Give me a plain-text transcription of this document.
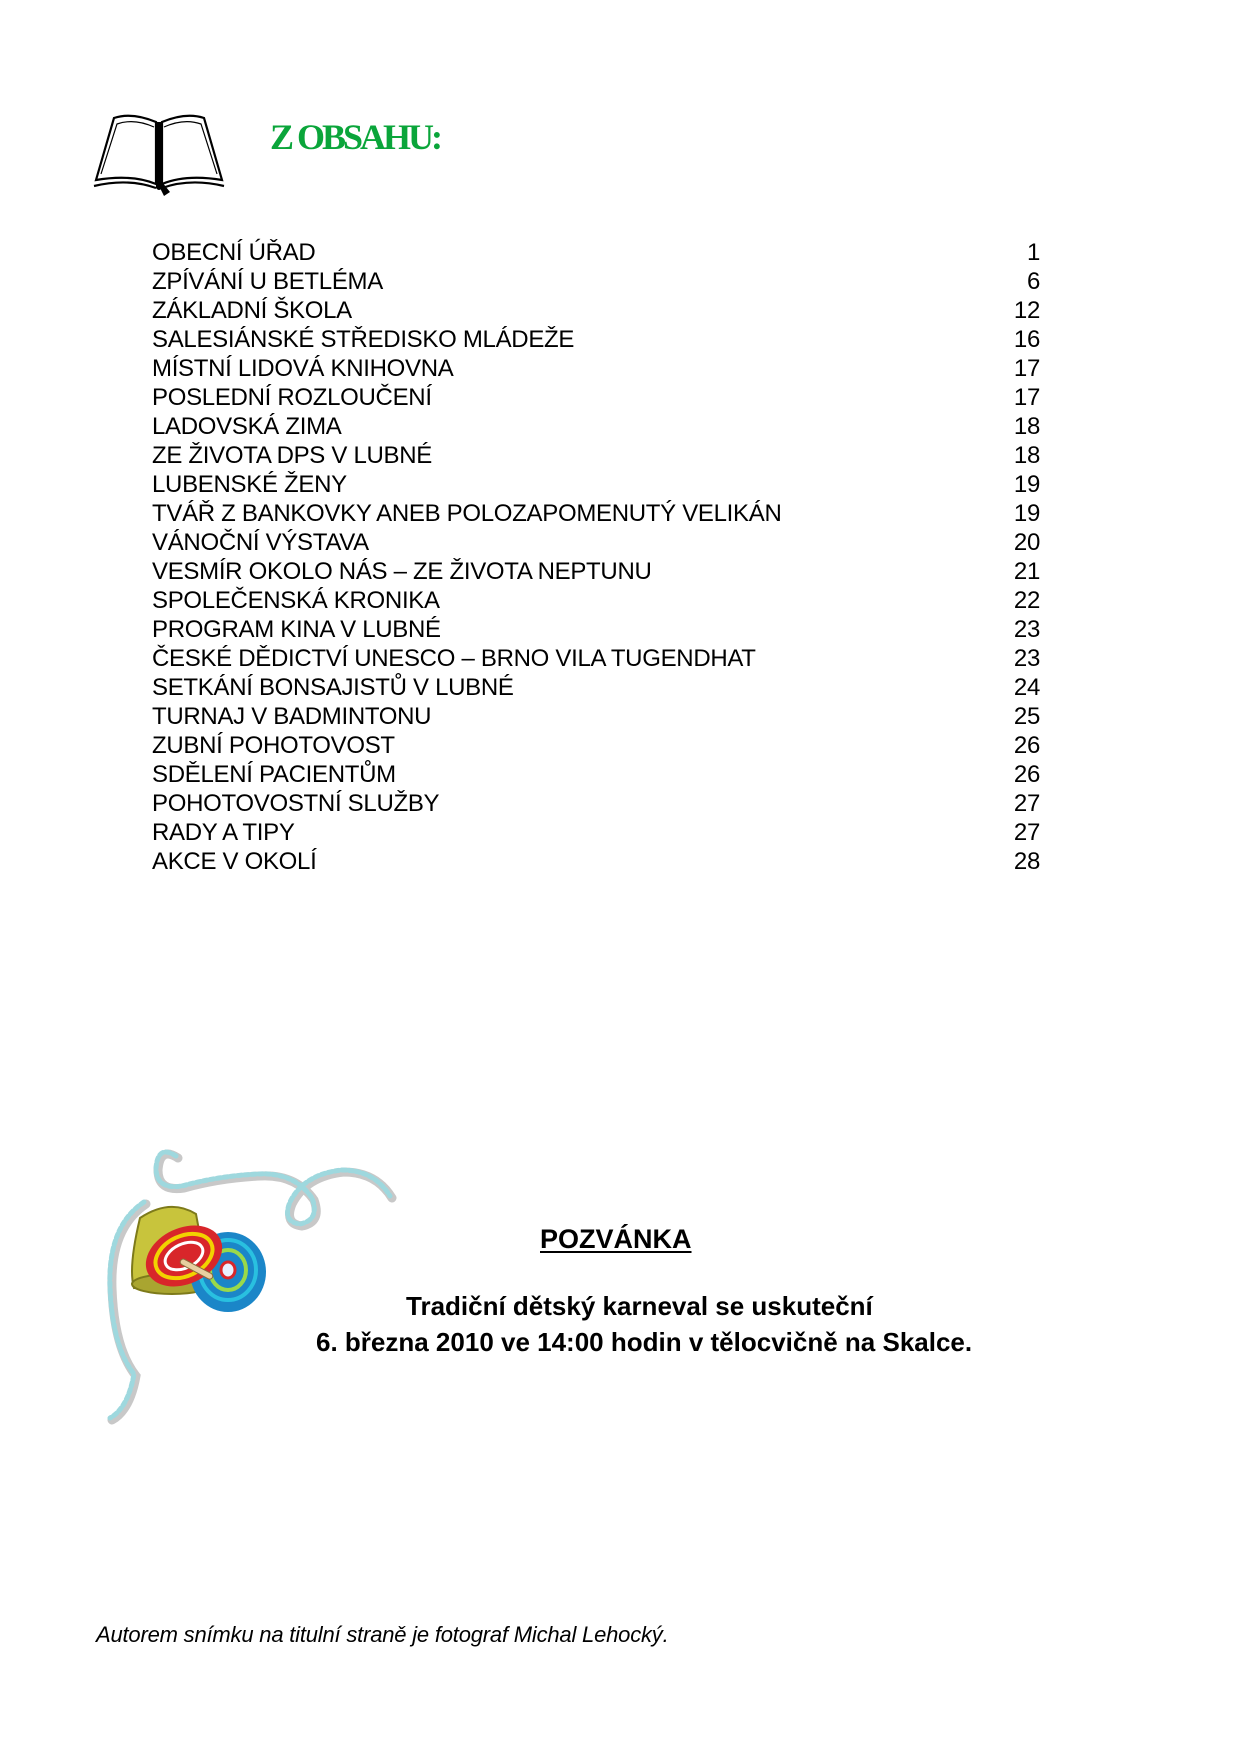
Z OBSAHU:
OBECNÍ ÚŘAD	1
ZPÍVÁNÍ U BETLÉMA	6
ZÁKLADNÍ ŠKOLA	12
SALESIÁNSKÉ STŘEDISKO MLÁDEŽE	16
MÍSTNÍ LIDOVÁ KNIHOVNA	17
POSLEDNÍ ROZLOUČENÍ	17
LADOVSKÁ ZIMA	18
ZE ŽIVOTA DPS V LUBNÉ	18
LUBENSKÉ ŽENY	19
TVÁŘ Z BANKOVKY ANEB POLOZAPOMENUTÝ VELIKÁN	19
VÁNOČNÍ VÝSTAVA	20
VESMÍR OKOLO NÁS – ZE ŽIVOTA NEPTUNU	21
SPOLEČENSKÁ KRONIKA	22
PROGRAM KINA V LUBNÉ	23
ČESKÉ DĚDICTVÍ UNESCO – BRNO VILA TUGENDHAT	23
SETKÁNÍ BONSAJISTŮ V LUBNÉ	24
TURNAJ V BADMINTONU	25
ZUBNÍ POHOTOVOST	26
SDĚLENÍ PACIENTŮM	26
POHOTOVOSTNÍ SLUŽBY	27
RADY A TIPY	27
AKCE V OKOLÍ	28
POZVÁNKA
Tradiční dětský karneval se uskuteční
6. března 2010 ve 14:00 hodin v tělocvičně na Skalce.
Autorem snímku na titulní straně je fotograf Michal Lehocký.
